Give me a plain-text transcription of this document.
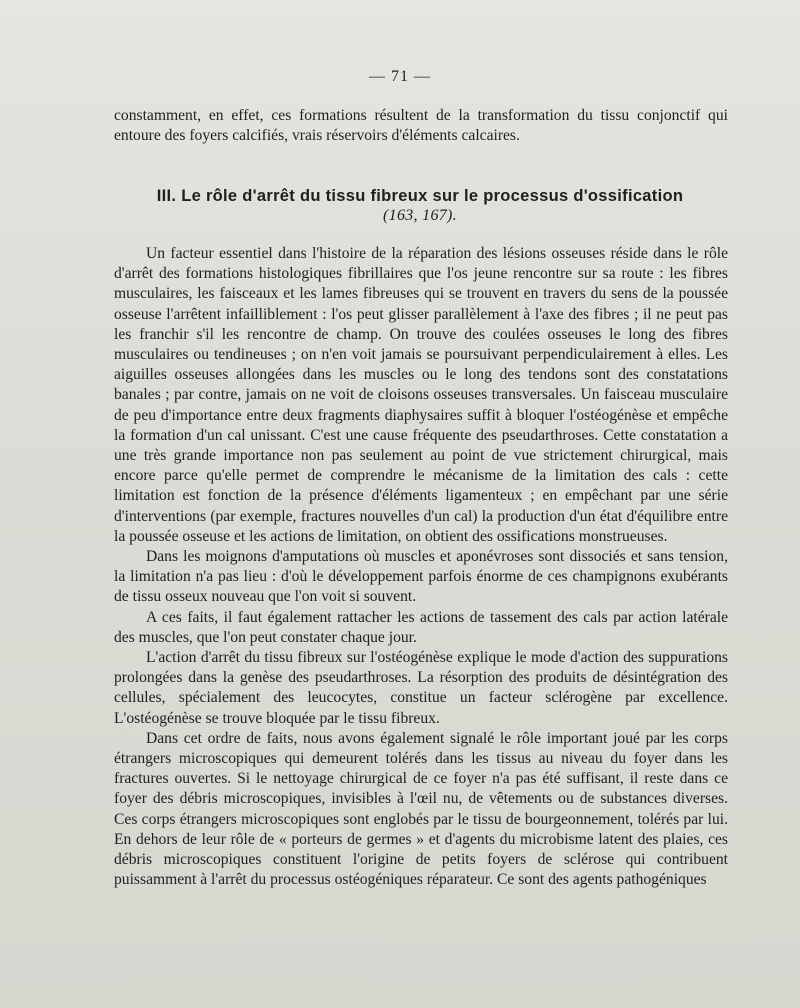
— 71 —

constamment, en effet, ces formations résultent de la transformation du tissu conjonctif qui entoure des foyers calcifiés, vrais réservoirs d'éléments calcaires.

III. Le rôle d'arrêt du tissu fibreux sur le processus d'ossification
(163, 167).

Un facteur essentiel dans l'histoire de la réparation des lésions osseuses réside dans le rôle d'arrêt des formations histologiques fibrillaires que l'os jeune rencontre sur sa route : les fibres musculaires, les faisceaux et les lames fibreuses qui se trouvent en travers du sens de la poussée osseuse l'arrêtent infailliblement : l'os peut glisser parallèlement à l'axe des fibres ; il ne peut pas les franchir s'il les rencontre de champ. On trouve des coulées osseuses le long des fibres musculaires ou tendineuses ; on n'en voit jamais se poursuivant perpendiculairement à elles. Les aiguilles osseuses allongées dans les muscles ou le long des tendons sont des constatations banales ; par contre, jamais on ne voit de cloisons osseuses transversales. Un faisceau musculaire de peu d'importance entre deux fragments diaphysaires suffit à bloquer l'ostéogénèse et empêche la formation d'un cal unissant. C'est une cause fréquente des pseudarthroses. Cette constatation a une très grande importance non pas seulement au point de vue strictement chirurgical, mais encore parce qu'elle permet de comprendre le mécanisme de la limitation des cals : cette limitation est fonction de la présence d'éléments ligamenteux ; en empêchant par une série d'interventions (par exemple, fractures nouvelles d'un cal) la production d'un état d'équilibre entre la poussée osseuse et les actions de limitation, on obtient des ossifications monstrueuses.

Dans les moignons d'amputations où muscles et aponévroses sont dissociés et sans tension, la limitation n'a pas lieu : d'où le développement parfois énorme de ces champignons exubérants de tissu osseux nouveau que l'on voit si souvent.

A ces faits, il faut également rattacher les actions de tassement des cals par action latérale des muscles, que l'on peut constater chaque jour.

L'action d'arrêt du tissu fibreux sur l'ostéogénèse explique le mode d'action des suppurations prolongées dans la genèse des pseudarthroses. La résorption des produits de désintégration des cellules, spécialement des leucocytes, constitue un facteur sclérogène par excellence. L'ostéogénèse se trouve bloquée par le tissu fibreux.

Dans cet ordre de faits, nous avons également signalé le rôle important joué par les corps étrangers microscopiques qui demeurent tolérés dans les tissus au niveau du foyer dans les fractures ouvertes. Si le nettoyage chirurgical de ce foyer n'a pas été suffisant, il reste dans ce foyer des débris microscopiques, invisibles à l'œil nu, de vêtements ou de substances diverses. Ces corps étrangers microscopiques sont englobés par le tissu de bourgeonnement, tolérés par lui. En dehors de leur rôle de « porteurs de germes » et d'agents du microbisme latent des plaies, ces débris microscopiques constituent l'origine de petits foyers de sclérose qui contribuent puissamment à l'arrêt du processus ostéogéniques réparateur. Ce sont des agents pathogéniques
